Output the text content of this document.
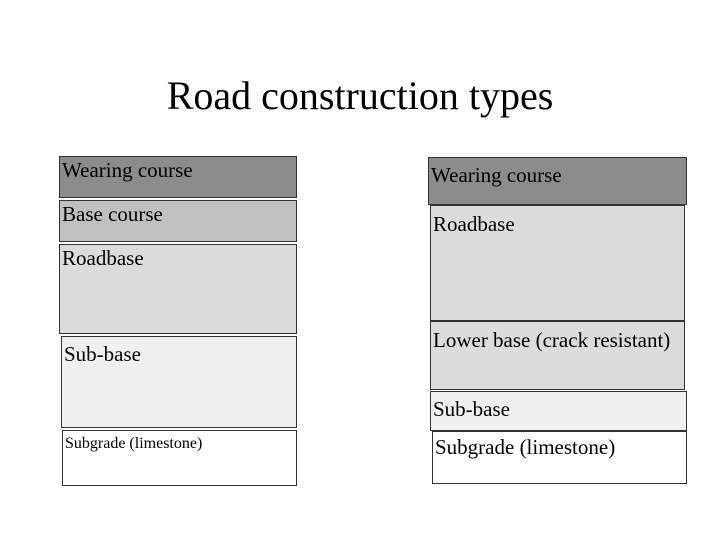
Road construction types
Wearing course
Base course
Roadbase
Sub-base
Subgrade (limestone)
Wearing course
Roadbase
Lower base (crack resistant)
Sub-base
Subgrade (limestone)
